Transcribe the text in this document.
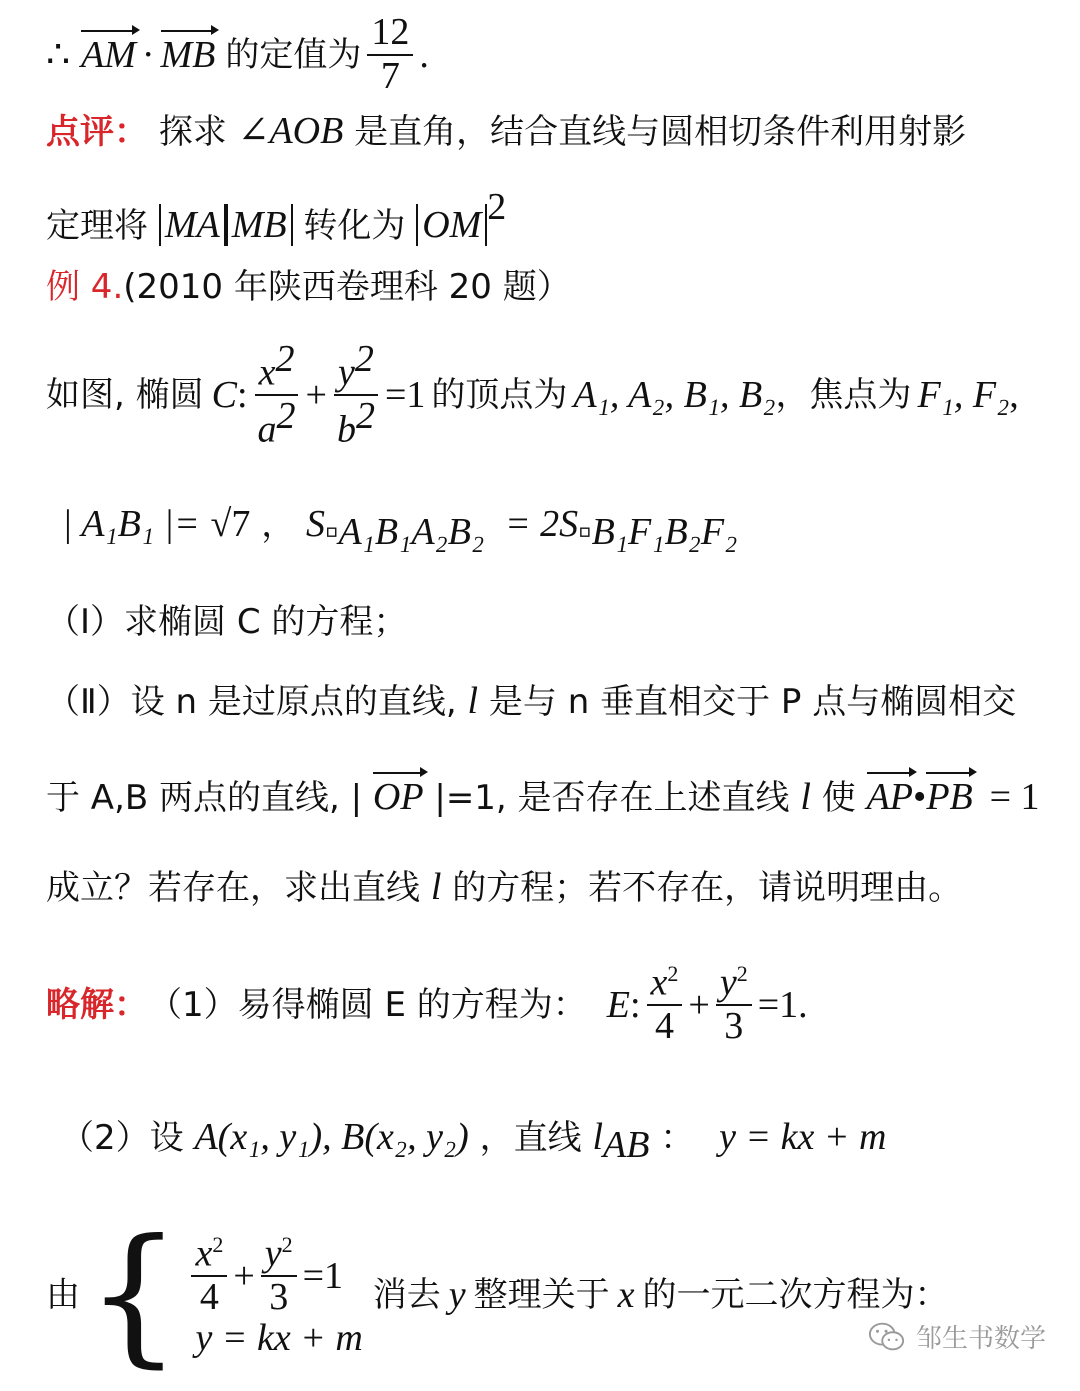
∴
AM · MB 的定值为 $\frac{12}{7}$ .
点评： 探求 ∠AOB 是直角，结合直线与圆相切条件利用射影
定理将 MA MB 转化为 OM $^2$
例 4.(2010 年陕西卷理科 20 题）
如图, 椭圆 C : $\frac{x^2}{a^2} + \frac{y^2}{b^2} =1$ 的顶点为 A₁, A₂, B₁, B₂ ，焦点为 F₁, F₂ ,
| A₁B₁ |= √7 ， $S_{▫A_1B_1A_2B_2} = 2S_{▫B_1F_1B_2F_2}$
（Ⅰ）求椭圆 C 的方程；
（Ⅱ）设 n 是过原点的直线, l 是与 n 垂直相交于 P 点与椭圆相交
于 A,B 两点的直线, | OP |=1, 是否存在上述直线 l 使 AP•PB = 1
成立？若存在，求出直线 l 的方程；若不存在，请说明理由。
略解： （1）易得椭圆 E 的方程为： E : $\frac{x^2}{4} + \frac{y^2}{3} =1$.
（2）设 A(x₁, y₁), B(x₂, y₂) ，直线 $l_{AB}$ ： y = kx + m
由 { $\frac{x^2}{4} + \frac{y^2}{3} =1$
y = kx + m
消去 y 整理关于 x 的一元二次方程为：
邹生书数学
